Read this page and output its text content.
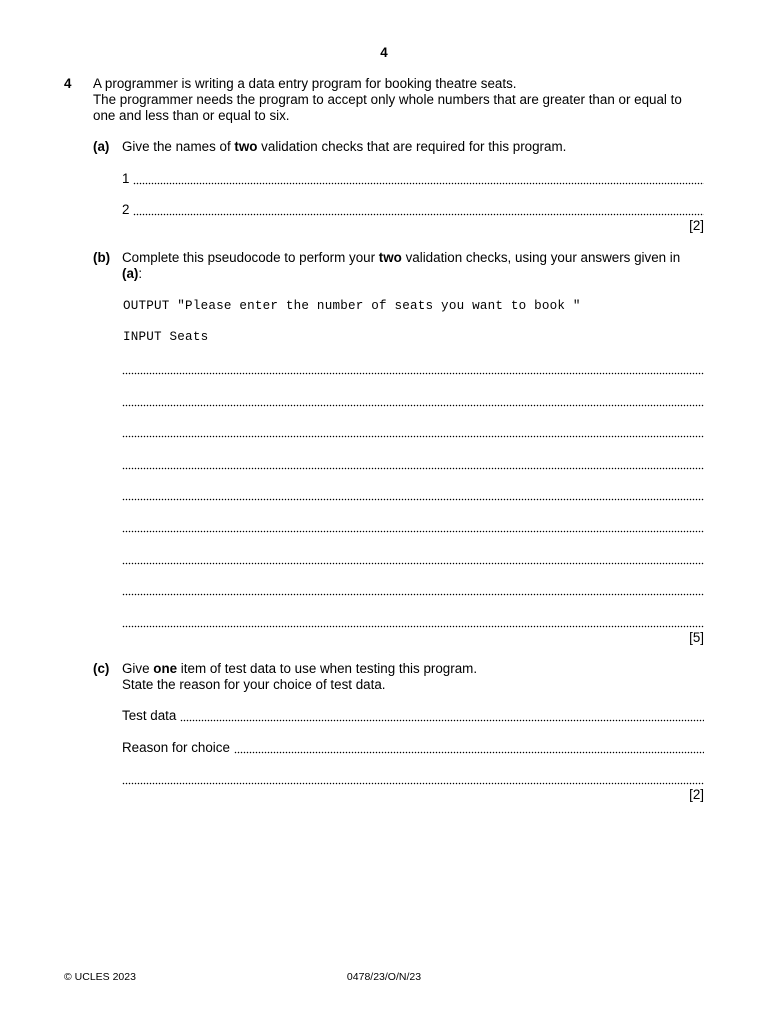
4
4 A programmer is writing a data entry program for booking theatre seats.
The programmer needs the program to accept only whole numbers that are greater than or equal to one and less than or equal to six.
(a) Give the names of two validation checks that are required for this program.
1
2
[2]
(b) Complete this pseudocode to perform your two validation checks, using your answers given in (a):
OUTPUT "Please enter the number of seats you want to book "
INPUT Seats
[5]
(c) Give one item of test data to use when testing this program.
State the reason for your choice of test data.
Test data
Reason for choice
[2]
© UCLES 2023	0478/23/O/N/23
